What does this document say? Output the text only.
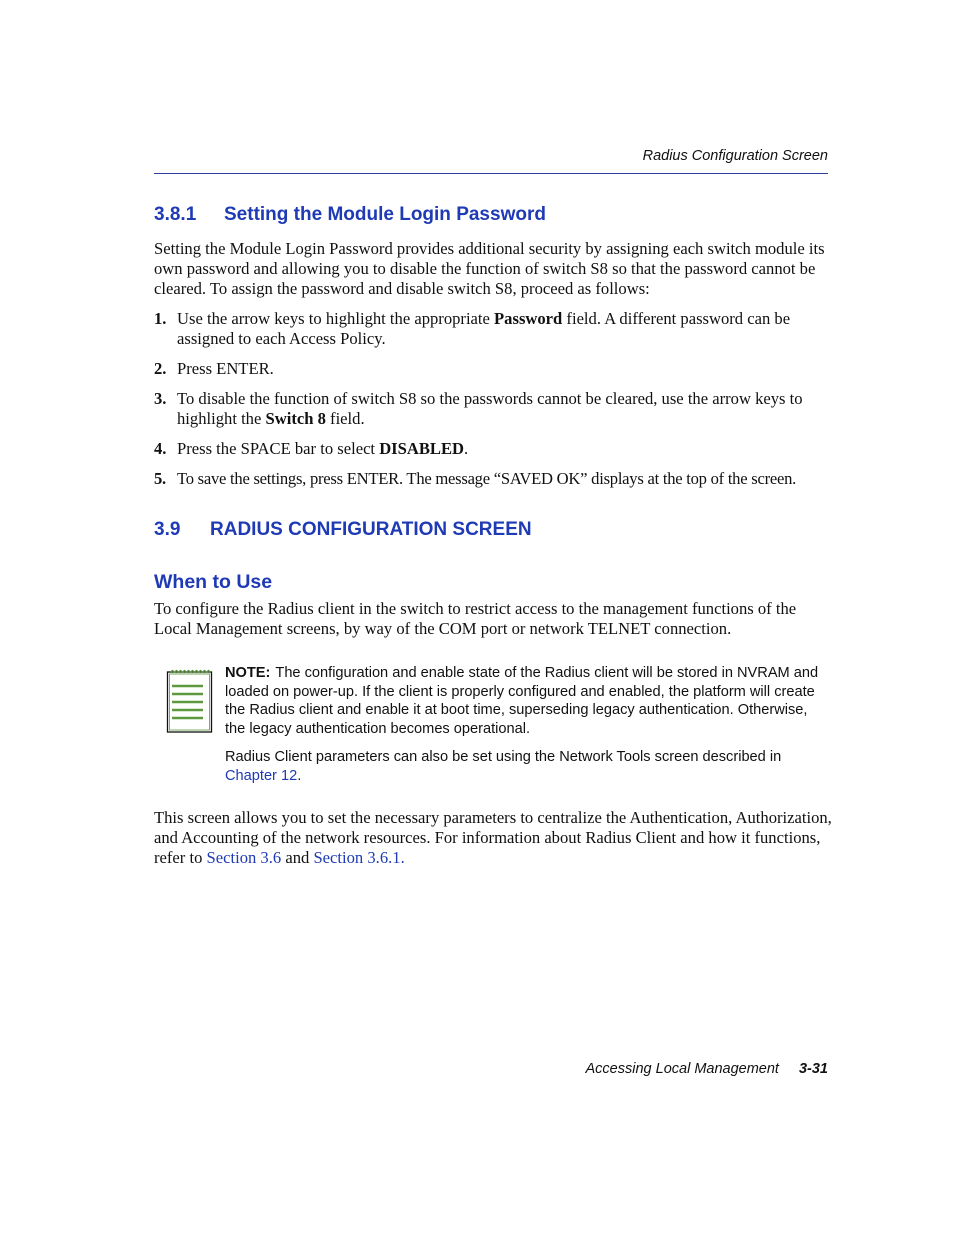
Radius Configuration Screen
3.8.1 Setting the Module Login Password

Setting the Module Login Password provides additional security by assigning each switch module its own password and allowing you to disable the function of switch S8 so that the password cannot be cleared. To assign the password and disable switch S8, proceed as follows:

1. Use the arrow keys to highlight the appropriate Password field. A different password can be assigned to each Access Policy.
2. Press ENTER.
3. To disable the function of switch S8 so the passwords cannot be cleared, use the arrow keys to highlight the Switch 8 field.
4. Press the SPACE bar to select DISABLED.
5. To save the settings, press ENTER. The message “SAVED OK” displays at the top of the screen.
3.9 RADIUS CONFIGURATION SCREEN
When to Use

To configure the Radius client in the switch to restrict access to the management functions of the Local Management screens, by way of the COM port or network TELNET connection.

NOTE: The configuration and enable state of the Radius client will be stored in NVRAM and loaded on power-up. If the client is properly configured and enabled, the platform will create the Radius client and enable it at boot time, superseding legacy authentication. Otherwise, the legacy authentication becomes operational.

Radius Client parameters can also be set using the Network Tools screen described in Chapter 12.

This screen allows you to set the necessary parameters to centralize the Authentication, Authorization, and Accounting of the network resources. For information about Radius Client and how it functions, refer to Section 3.6 and Section 3.6.1.

Accessing Local Management 3-31
